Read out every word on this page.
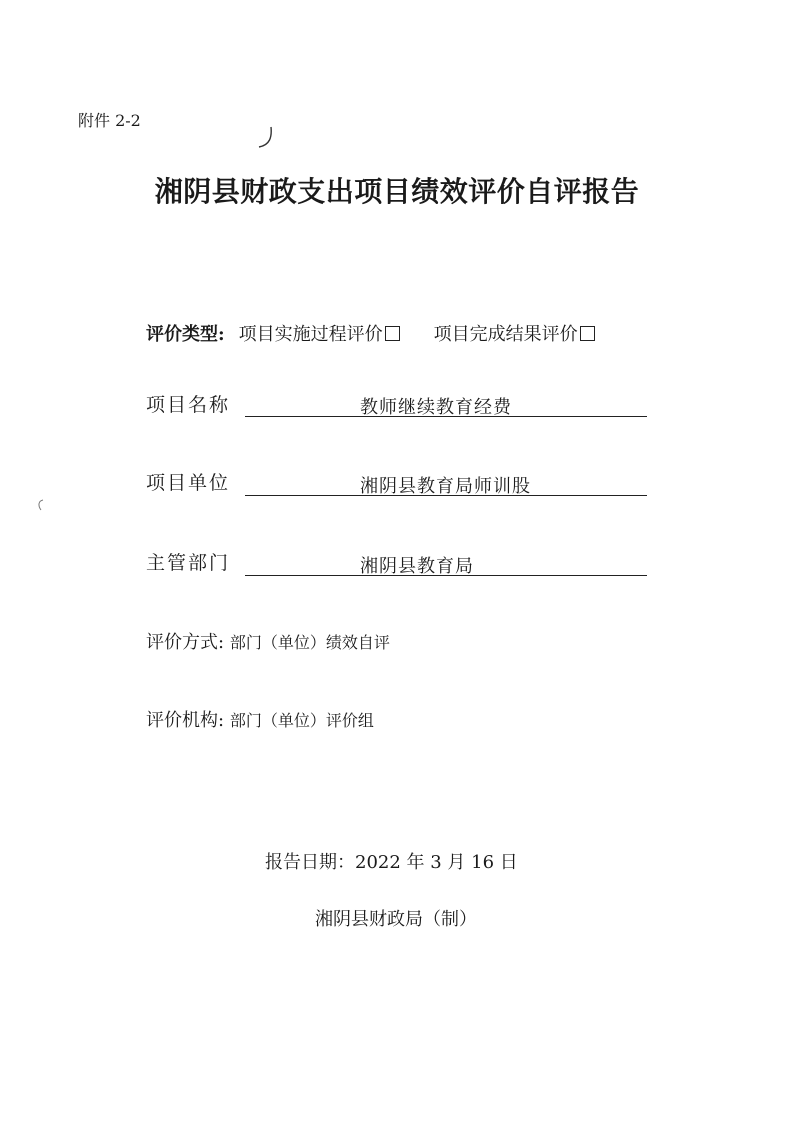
附件 2-2
湘阴县财政支出项目绩效评价自评报告
评价类型: 项目实施过程评价	项目完成结果评价
项目名称	教师继续教育经费
项目单位	湘阴县教育局师训股
主管部门	湘阴县教育局
评价方式: 部门（单位）绩效自评
评价机构: 部门（单位）评价组
报告日期：2022 年 3 月 16 日
湘阴县财政局（制）
